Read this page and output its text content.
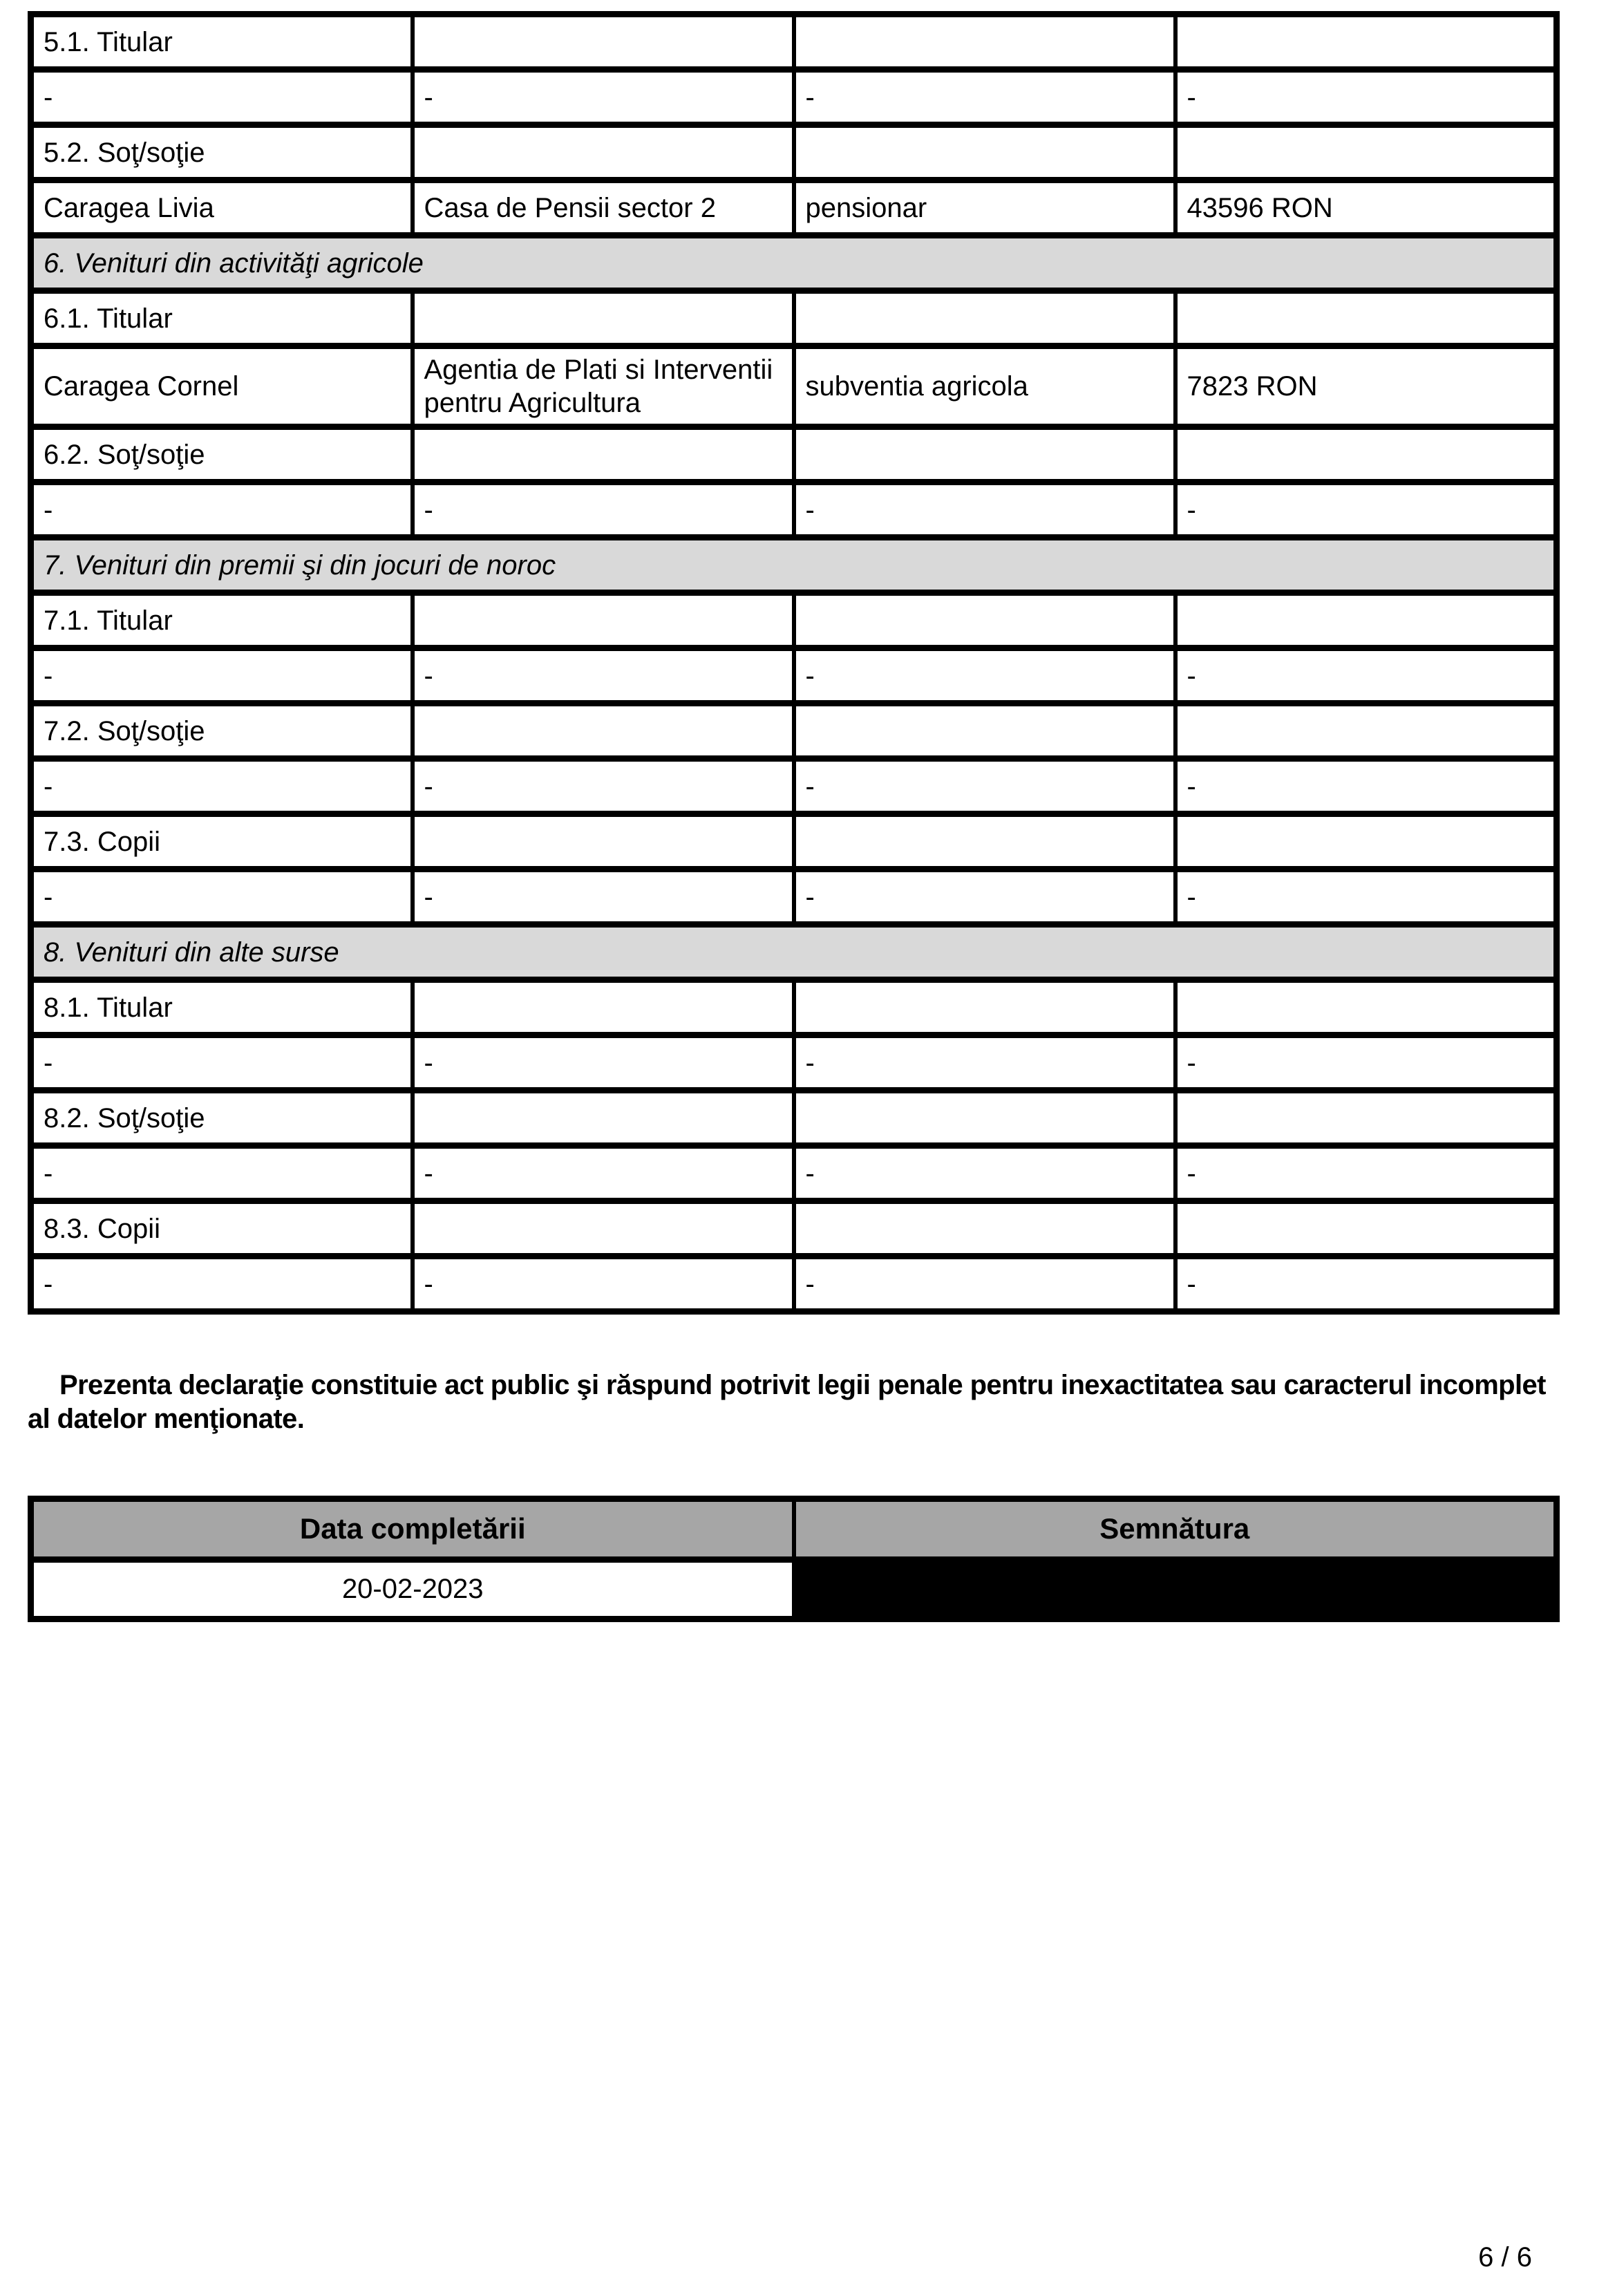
5.1. Titular			
-	-	-	-
5.2. Soţ/soţie			
Caragea Livia	Casa de Pensii sector 2	pensionar	43596 RON
6. Venituri din activităţi agricole			
6.1. Titular			
Caragea Cornel	Agentia de Plati si Interventii pentru Agricultura	subventia agricola	7823 RON
6.2. Soţ/soţie			
-	-	-	-
7. Venituri din premii şi din jocuri de noroc			
7.1. Titular			
-	-	-	-
7.2. Soţ/soţie			
-	-	-	-
7.3. Copii			
-	-	-	-
8. Venituri din alte surse			
8.1. Titular			
-	-	-	-
8.2. Soţ/soţie			
-	-	-	-
8.3. Copii			
-	-	-	-

Prezenta declaraţie constituie act public şi răspund potrivit legii penale pentru inexactitatea sau caracterul incomplet al datelor menţionate.

Data completării	Semnătura
20-02-2023	
6 / 6
